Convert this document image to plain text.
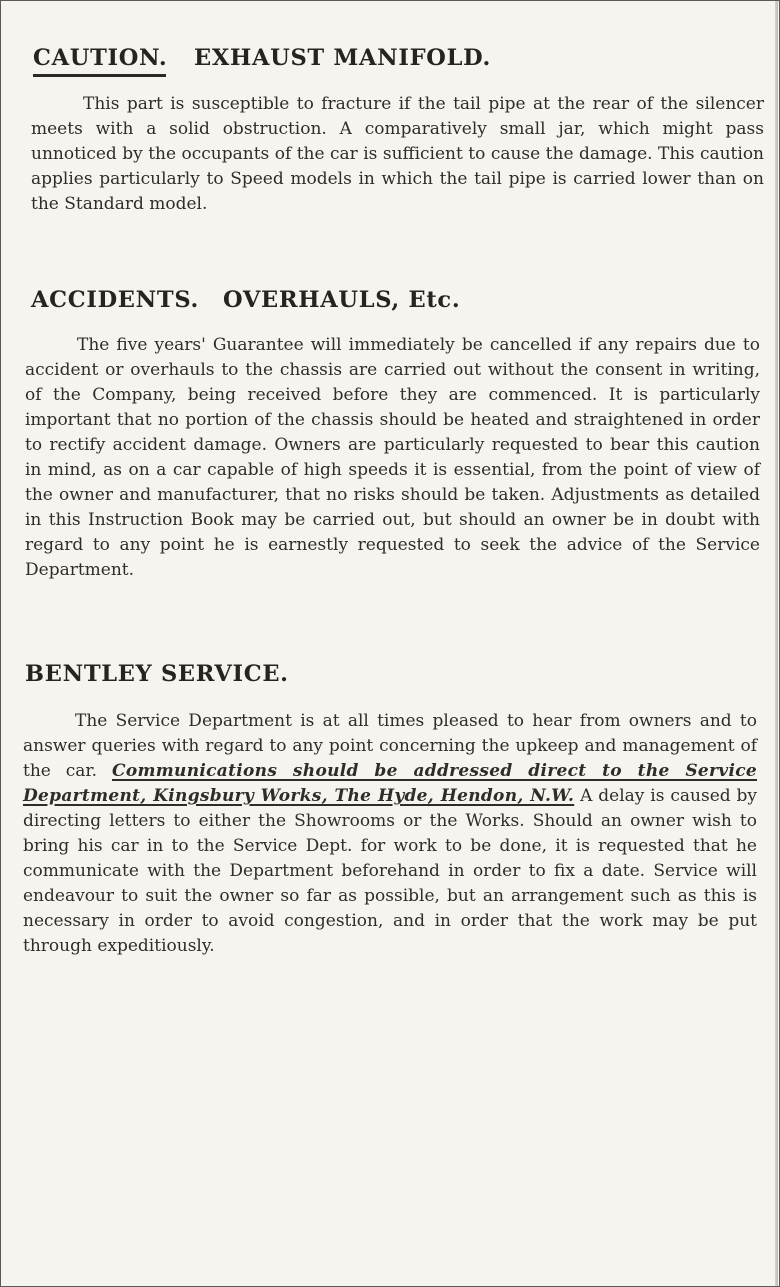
CAUTION. EXHAUST MANIFOLD.

This part is susceptible to fracture if the tail pipe at the rear of the silencer meets with a solid obstruction. A comparatively small jar, which might pass unnoticed by the occupants of the car is sufficient to cause the damage. This caution applies particularly to Speed models in which the tail pipe is carried lower than on the Standard model.

ACCIDENTS. OVERHAULS, Etc.

The five years' Guarantee will immediately be cancelled if any repairs due to accident or overhauls to the chassis are carried out without the consent in writing, of the Company, being received before they are commenced. It is particularly important that no portion of the chassis should be heated and straightened in order to rectify accident damage. Owners are particularly requested to bear this caution in mind, as on a car capable of high speeds it is essential, from the point of view of the owner and manufacturer, that no risks should be taken. Adjustments as detailed in this Instruction Book may be carried out, but should an owner be in doubt with regard to any point he is earnestly requested to seek the advice of the Service Department.

BENTLEY SERVICE.

The Service Department is at all times pleased to hear from owners and to answer queries with regard to any point concerning the upkeep and management of the car. Communications should be addressed direct to the Service Department, Kingsbury Works, The Hyde, Hendon, N.W. A delay is caused by directing letters to either the Showrooms or the Works. Should an owner wish to bring his car in to the Service Dept. for work to be done, it is requested that he communicate with the Department beforehand in order to fix a date. Service will endeavour to suit the owner so far as possible, but an arrangement such as this is necessary in order to avoid congestion, and in order that the work may be put through expeditiously.
